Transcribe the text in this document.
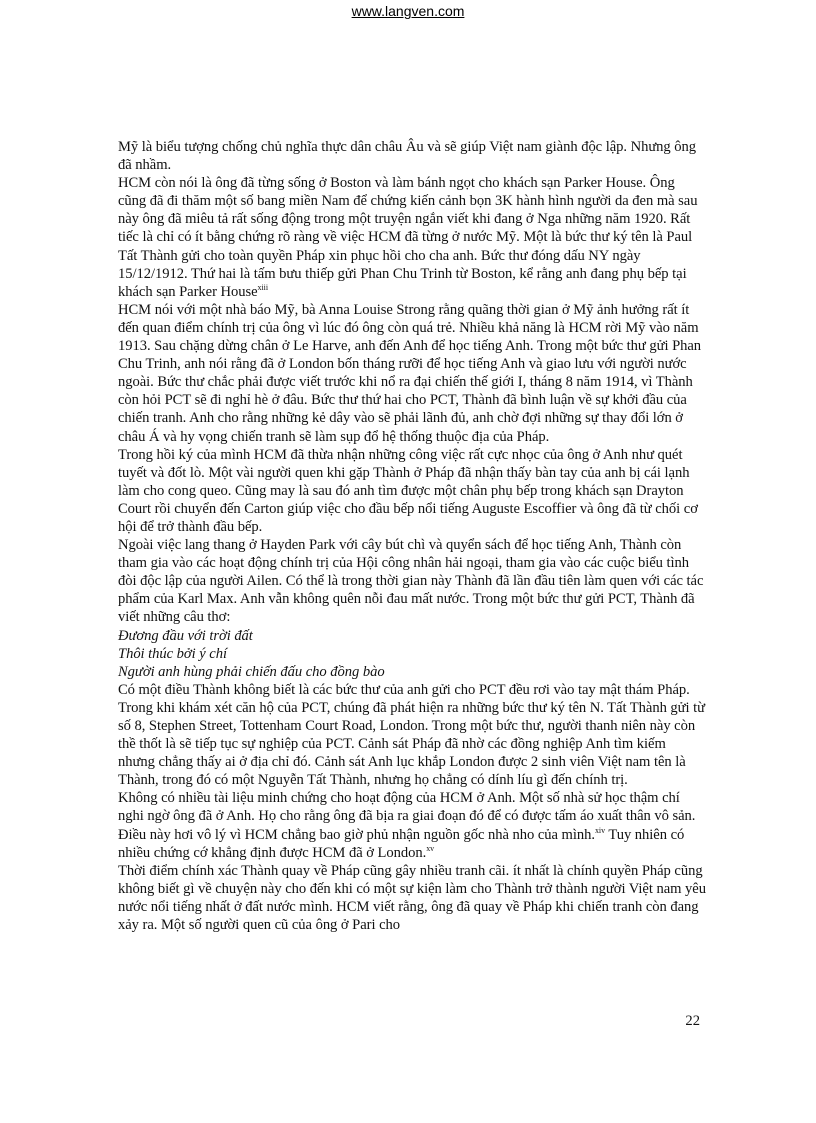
www.langven.com

Mỹ là biểu tượng chống chủ nghĩa thực dân châu Âu và sẽ giúp Việt nam giành độc lập. Nhưng ông đã nhầm.

HCM còn nói là ông đã từng sống ở Boston và làm bánh ngọt cho khách sạn Parker House. Ông cũng đã đi thăm một số bang miền Nam để chứng kiến cảnh bọn 3K hành hình người da đen mà sau này ông đã miêu tả rất sống động trong một truyện ngắn viết khi đang ở Nga những năm 1920. Rất tiếc là chỉ có ít bằng chứng rõ ràng về việc HCM đã từng ở nước Mỹ. Một là bức thư ký tên là Paul Tất Thành gửi cho toàn quyền Pháp xin phục hồi cho cha anh. Bức thư đóng dấu NY ngày 15/12/1912. Thứ hai là tấm bưu thiếp gửi Phan Chu Trinh từ Boston, kể rằng anh đang phụ bếp tại khách sạn Parker House$^{xiii}$

HCM nói với một nhà báo Mỹ, bà Anna Louise Strong rằng quãng thời gian ở Mỹ ảnh hưởng rất ít đến quan điểm chính trị của ông vì lúc đó ông còn quá trẻ. Nhiều khả năng là HCM rời Mỹ vào năm 1913. Sau chặng dừng chân ở Le Harve, anh đến Anh để học tiếng Anh. Trong một bức thư gửi Phan Chu Trinh, anh nói rằng đã ở London bốn tháng rưỡi để học tiếng Anh và giao lưu với người nước ngoài. Bức thư chắc phải được viết trước khi nổ ra đại chiến thế giới I, tháng 8 năm 1914, vì Thành còn hỏi PCT sẽ đi nghỉ hè ở đâu. Bức thư thứ hai cho PCT, Thành đã bình luận về sự khởi đầu của chiến tranh. Anh cho rằng những kẻ dây vào sẽ phải lãnh đủ, anh chờ đợi những sự thay đổi lớn ở châu Á và hy vọng chiến tranh sẽ làm sụp đổ hệ thống thuộc địa của Pháp.

Trong hồi ký của mình HCM đã thừa nhận những công việc rất cực nhọc của ông ở Anh như quét tuyết và đốt lò. Một vài người quen khi gặp Thành ở Pháp đã nhận thấy bàn tay của anh bị cái lạnh làm cho cong queo. Cũng may là sau đó anh tìm được một chân phụ bếp trong khách sạn Drayton Court rồi chuyển đến Carton giúp việc cho đầu bếp nổi tiếng Auguste Escoffier và ông đã từ chối cơ hội để trở thành đầu bếp.

Ngoài việc lang thang ở Hayden Park với cây bút chì và quyển sách để học tiếng Anh, Thành còn tham gia vào các hoạt động chính trị của Hội công nhân hải ngoại, tham gia vào các cuộc biểu tình đòi độc lập của người Ailen. Có thể là trong thời gian này Thành đã lần đầu tiên làm quen với các tác phẩm của Karl Max. Anh vẫn không quên nỗi đau mất nước. Trong một bức thư gửi PCT, Thành đã viết những câu thơ:

Đương đầu với trời đất

Thôi thúc bởi ý chí

Người anh hùng phải chiến đấu cho đồng bào

Có một điều Thành không biết là các bức thư của anh gửi cho PCT đều rơi vào tay mật thám Pháp. Trong khi khám xét căn hộ của PCT, chúng đã phát hiện ra những bức thư ký tên N. Tất Thành gửi từ số 8, Stephen Street, Tottenham Court Road, London. Trong một bức thư, người thanh niên này còn thề thốt là sẽ tiếp tục sự nghiệp của PCT. Cảnh sát Pháp đã nhờ các đồng nghiệp Anh tìm kiếm nhưng chẳng thấy ai ở địa chỉ đó. Cảnh sát Anh lục khắp London được 2 sinh viên Việt nam tên là Thành, trong đó có một Nguyễn Tất Thành, nhưng họ chẳng có dính líu gì đến chính trị.

Không có nhiều tài liệu minh chứng cho hoạt động của HCM ở Anh. Một số nhà sử học thậm chí nghi ngờ ông đã ở Anh. Họ cho rằng ông đã bịa ra giai đoạn đó để có được tấm áo xuất thân vô sản. Điều này hơi vô lý vì HCM chẳng bao giờ phủ nhận nguồn gốc nhà nho của mình.$^{xiv}$ Tuy nhiên có nhiều chứng cớ khẳng định được HCM đã ở London.$^{xv}$

Thời điểm chính xác Thành quay về Pháp cũng gây nhiều tranh cãi. ít nhất là chính quyền Pháp cũng không biết gì về chuyện này cho đến khi có một sự kiện làm cho Thành trở thành người Việt nam yêu nước nổi tiếng nhất ở đất nước mình. HCM viết rằng, ông đã quay về Pháp khi chiến tranh còn đang xảy ra. Một số người quen cũ của ông ở Pari cho

22
